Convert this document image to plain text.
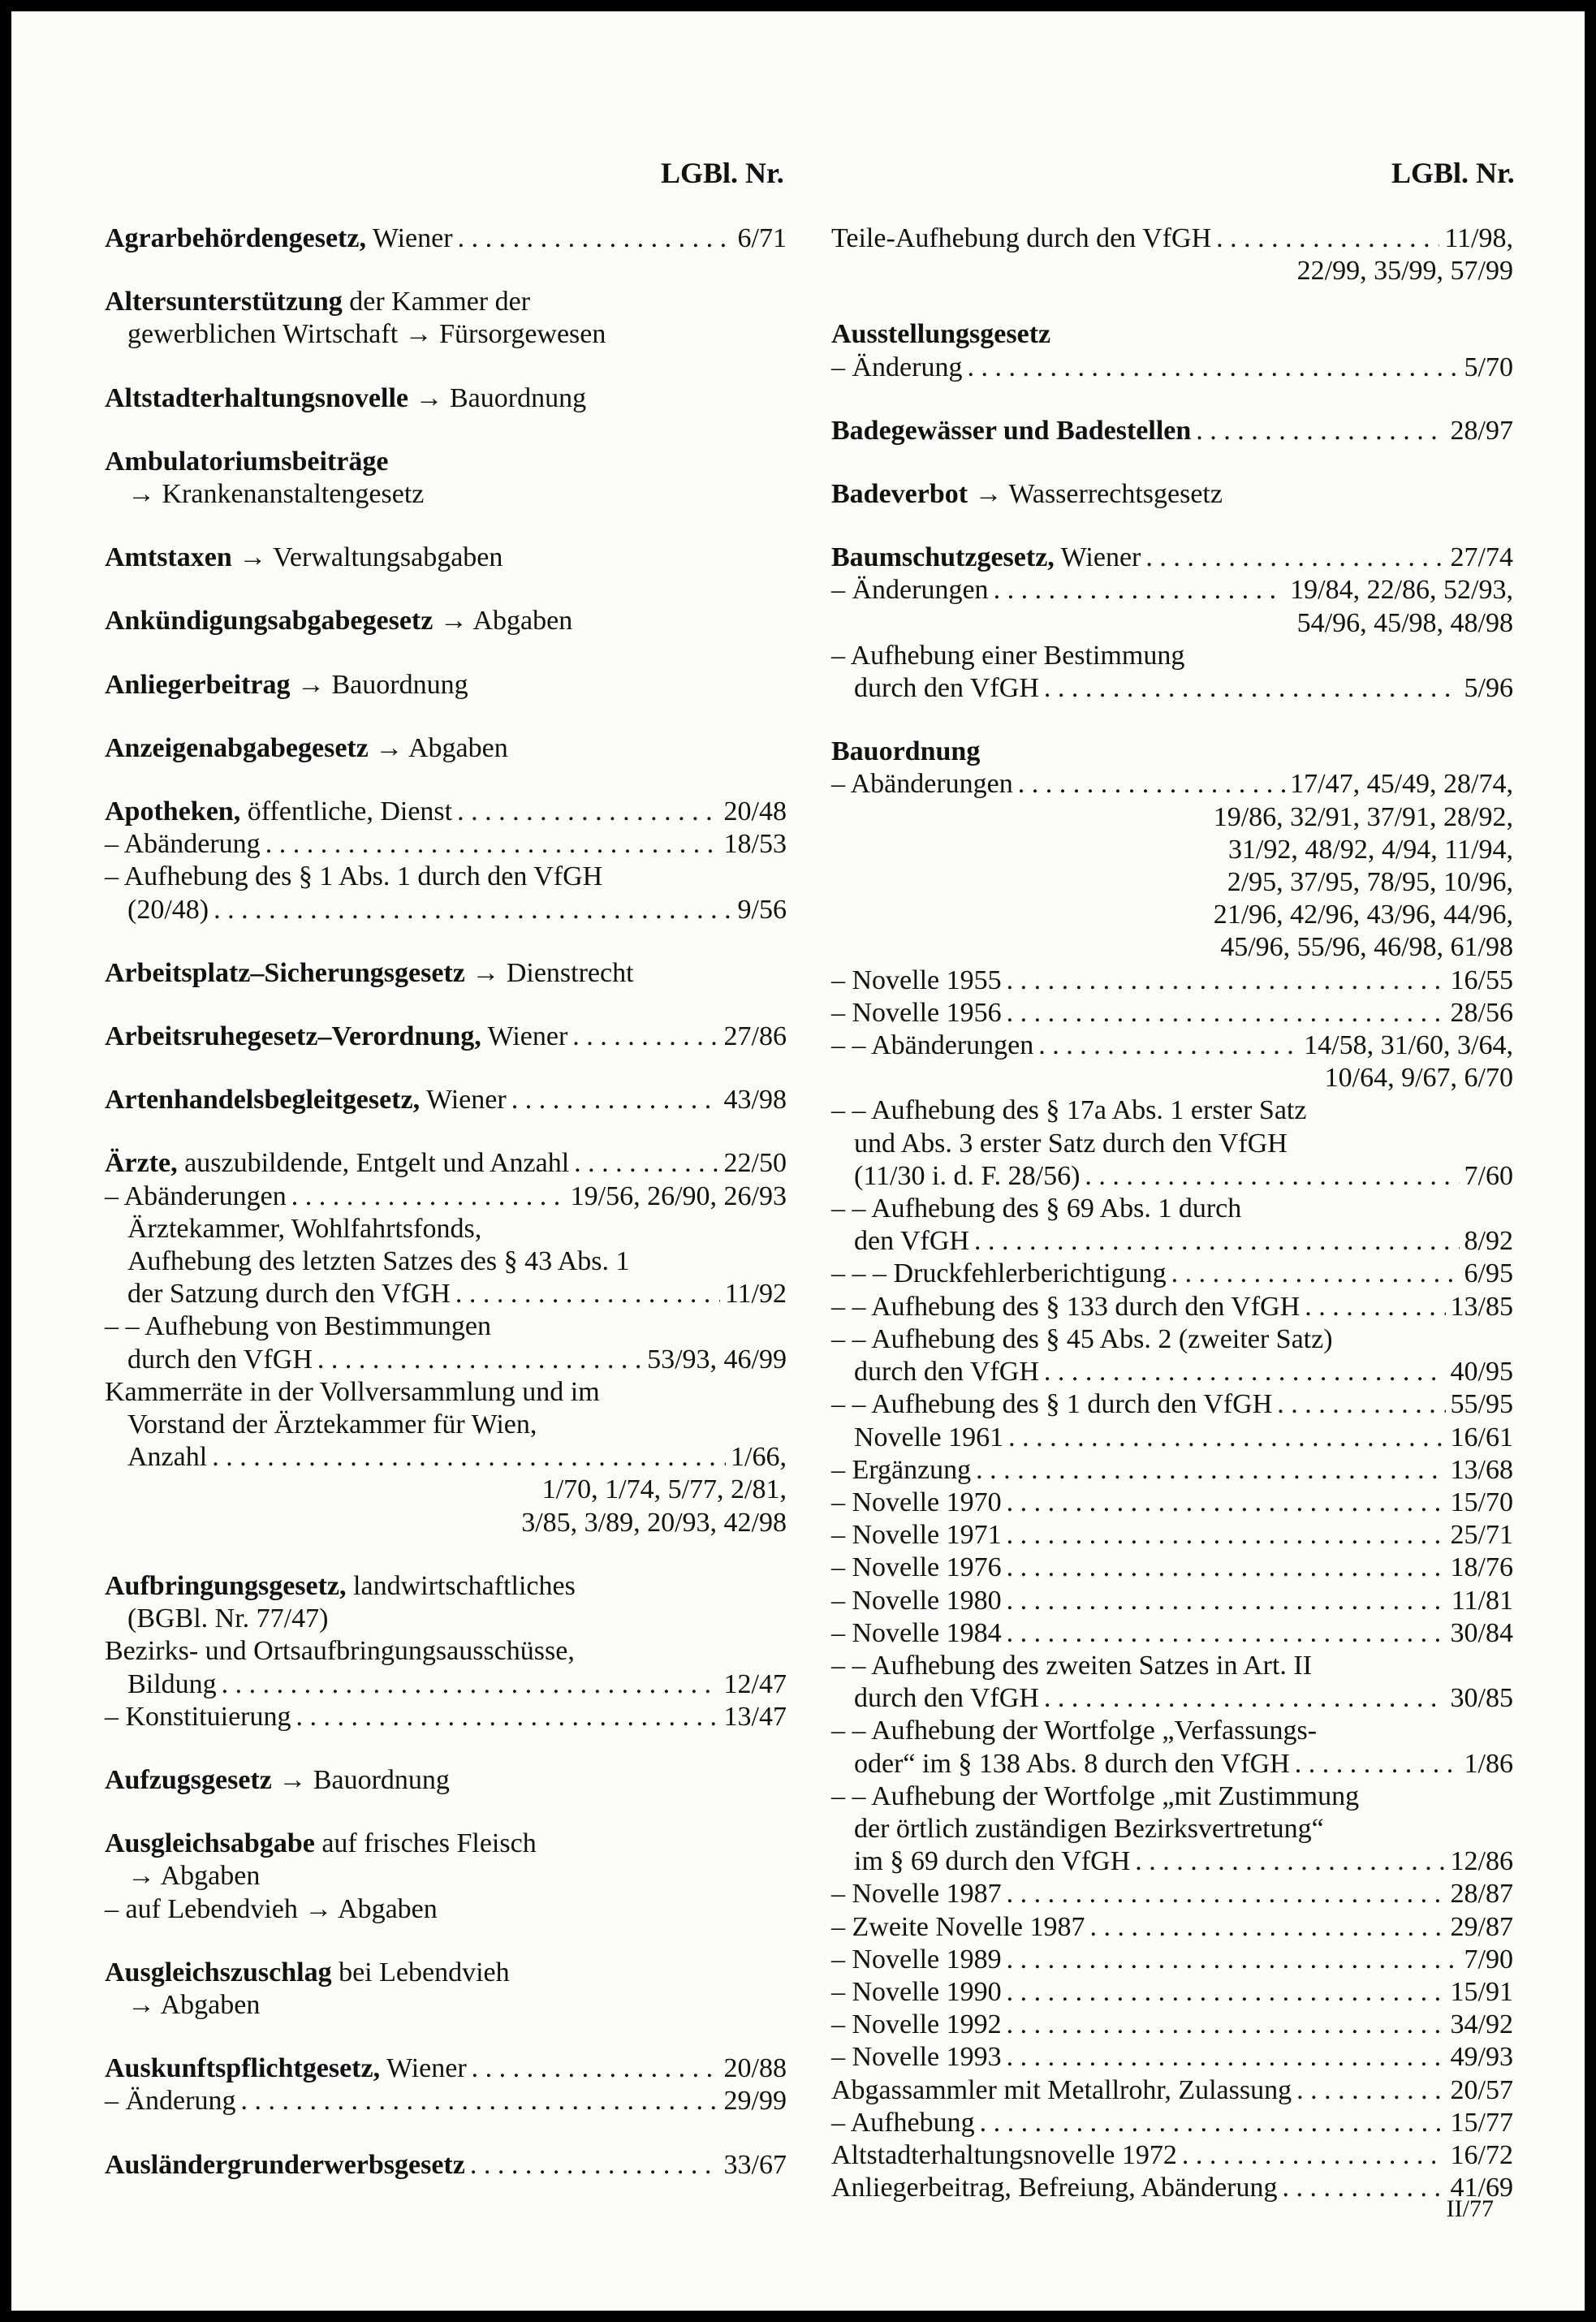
LGBl. Nr.	LGBl. Nr.
Agrarbehördengesetz, Wiener . . .	6/71
Altersunterstützung der Kammer der
gewerblichen Wirtschaft → Fürsorgewesen
Altstadterhaltungsnovelle → Bauordnung
Ambulatoriumsbeiträge
→ Krankenanstaltengesetz
Amtstaxen → Verwaltungsabgaben
Ankündigungsabgabegesetz → Abgaben
Anliegerbeitrag → Bauordnung
Anzeigenabgabegesetz → Abgaben
Apotheken, öffentliche, Dienst . . .	20/48
– Abänderung . . .	18/53
– Aufhebung des § 1 Abs. 1 durch den VfGH
(20/48) . . .	9/56
Arbeitsplatz–Sicherungsgesetz → Dienstrecht
Arbeitsruhegesetz–Verordnung, Wiener . . .	27/86
Artenhandelsbegleitgesetz, Wiener . . .	43/98
Ärzte, auszubildende, Entgelt und Anzahl . . .	22/50
– Abänderungen . . .	19/56, 26/90, 26/93
Ärztekammer, Wohlfahrtsfonds,
Aufhebung des letzten Satzes des § 43 Abs. 1
der Satzung durch den VfGH . . .	11/92
– – Aufhebung von Bestimmungen
durch den VfGH . . .	53/93, 46/99
Kammerräte in der Vollversammlung und im
Vorstand der Ärztekammer für Wien,
Anzahl . . .	1/66,
1/70, 1/74, 5/77, 2/81,
3/85, 3/89, 20/93, 42/98
Aufbringungsgesetz, landwirtschaftliches
(BGBl. Nr. 77/47)
Bezirks- und Ortsaufbringungsausschüsse,
Bildung . . .	12/47
– Konstituierung . . .	13/47
Aufzugsgesetz → Bauordnung
Ausgleichsabgabe auf frisches Fleisch
→ Abgaben
– auf Lebendvieh → Abgaben
Ausgleichszuschlag bei Lebendvieh
→ Abgaben
Auskunftspflichtgesetz, Wiener . . .	20/88
– Änderung . . .	29/99
Ausländergrunderwerbsgesetz . . .	33/67
Teile-Aufhebung durch den VfGH . . .	11/98,
22/99, 35/99, 57/99
Ausstellungsgesetz
– Änderung . . .	5/70
Badegewässer und Badestellen . . .	28/97
Badeverbot → Wasserrechtsgesetz
Baumschutzgesetz, Wiener . . .	27/74
– Änderungen . . .	19/84, 22/86, 52/93,
54/96, 45/98, 48/98
– Aufhebung einer Bestimmung
durch den VfGH . . .	5/96
Bauordnung
– Abänderungen . . .	17/47, 45/49, 28/74,
19/86, 32/91, 37/91, 28/92,
31/92, 48/92, 4/94, 11/94,
2/95, 37/95, 78/95, 10/96,
21/96, 42/96, 43/96, 44/96,
45/96, 55/96, 46/98, 61/98
– Novelle 1955 . . .	16/55
– Novelle 1956 . . .	28/56
– – Abänderungen . . .	14/58, 31/60, 3/64,
10/64, 9/67, 6/70
– – Aufhebung des § 17a Abs. 1 erster Satz
und Abs. 3 erster Satz durch den VfGH
(11/30 i. d. F. 28/56) . . .	7/60
– – Aufhebung des § 69 Abs. 1 durch
den VfGH . . .	8/92
– – – Druckfehlerberichtigung . . .	6/95
– – Aufhebung des § 133 durch den VfGH . . .	13/85
– – Aufhebung des § 45 Abs. 2 (zweiter Satz)
durch den VfGH . . .	40/95
– – Aufhebung des § 1 durch den VfGH . . .	55/95
Novelle 1961 . . .	16/61
– Ergänzung . . .	13/68
– Novelle 1970 . . .	15/70
– Novelle 1971 . . .	25/71
– Novelle 1976 . . .	18/76
– Novelle 1980 . . .	11/81
– Novelle 1984 . . .	30/84
– – Aufhebung des zweiten Satzes in Art. II
durch den VfGH . . .	30/85
– – Aufhebung der Wortfolge „Verfassungs-
oder“ im § 138 Abs. 8 durch den VfGH . . .	1/86
– – Aufhebung der Wortfolge „mit Zustimmung
der örtlich zuständigen Bezirksvertretung“
im § 69 durch den VfGH . . .	12/86
– Novelle 1987 . . .	28/87
– Zweite Novelle 1987 . . .	29/87
– Novelle 1989 . . .	7/90
– Novelle 1990 . . .	15/91
– Novelle 1992 . . .	34/92
– Novelle 1993 . . .	49/93
Abgassammler mit Metallrohr, Zulassung . . .	20/57
– Aufhebung . . .	15/77
Altstadterhaltungsnovelle 1972 . . .	16/72
Anliegerbeitrag, Befreiung, Abänderung . . .	41/69
II/77
